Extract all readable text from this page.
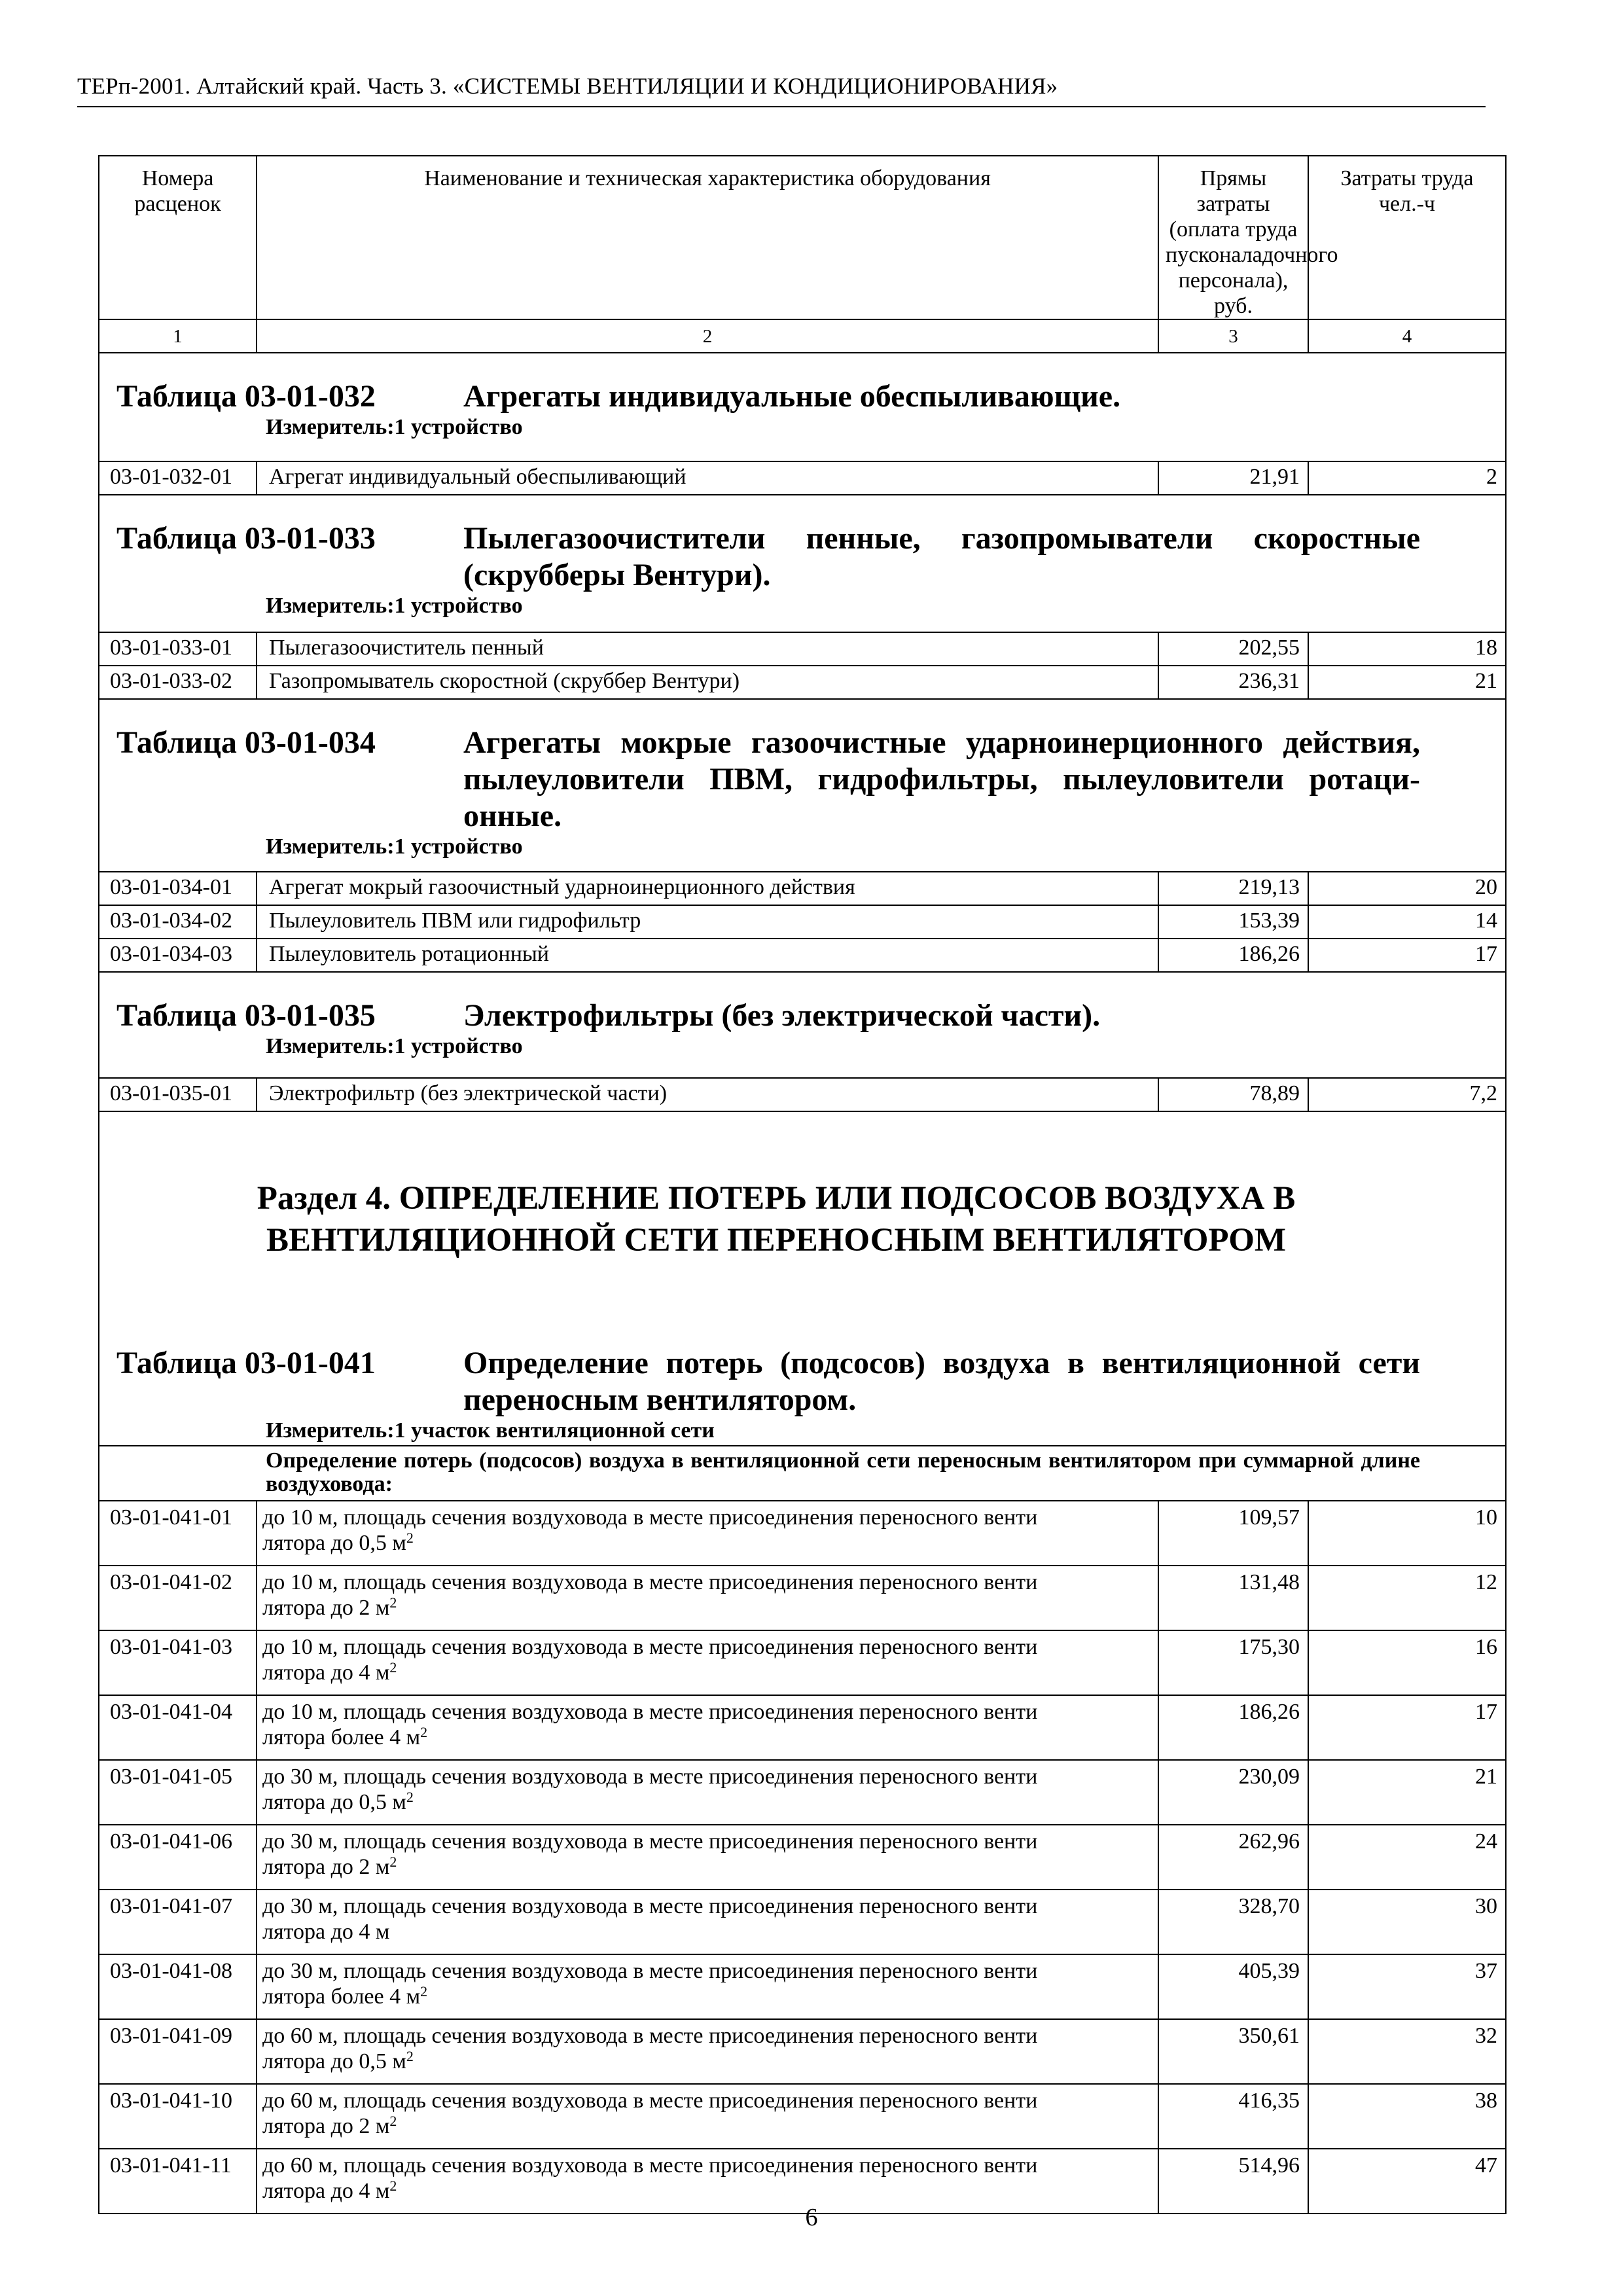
ТЕРп-2001. Алтайский край. Часть 3. «СИСТЕМЫ ВЕНТИЛЯЦИИ И КОНДИЦИОНИРОВАНИЯ»
Номера расценок	Наименование и техническая характеристика оборудования	Прямы затраты (оплата труда пусконаладочного персонала), руб.	Затраты труда чел.-ч
1	2	3	4

Таблица 03-01-032 Агрегаты индивидуальные обеспыливающие.
Измеритель:1 устройство			

03-01-032-01	Агрегат индивидуальный обеспыливающий	21,91	2

Таблица 03-01-033 Пылегазоочистители пенные, газопромыватели скоростные (скрубберы Вентури).
Измеритель:1 устройство			

03-01-033-01	Пылегазоочиститель пенный	202,55	18
03-01-033-02	Газопромыватель скоростной (скруббер Вентури)	236,31	21

Таблица 03-01-034 Агрегаты мокрые газоочистные ударноинерционного действия, пылеуловители ПВМ, гидрофильтры, пылеуловители ротационные.
Измеритель:1 устройство			

03-01-034-01	Агрегат мокрый газоочистный ударноинерционного действия	219,13	20
03-01-034-02	Пылеуловитель ПВМ или гидрофильтр	153,39	14
03-01-034-03	Пылеуловитель ротационный	186,26	17

Таблица 03-01-035 Электрофильтры (без электрической части).
Измеритель:1 устройство			

03-01-035-01	Электрофильтр (без электрической части)	78,89	7,2

Раздел 4. ОПРЕДЕЛЕНИЕ ПОТЕРЬ ИЛИ ПОДСОСОВ ВОЗДУХА В
ВЕНТИЛЯЦИОННОЙ СЕТИ ПЕРЕНОСНЫМ ВЕНТИЛЯТОРОМ
Таблица 03-01-041 Определение потерь (подсосов) воздуха в вентиляционной сети переносным вентилятором.
Измеритель:1 участок вентиляционной сети			

Определение потерь (подсосов) воздуха в вентиляционной сети переносным вентилятором при суммарной длине воздуховода:			

03-01-041-01	до 10 м, площадь сечения воздуховода в месте присоединения переносного венти
лятора до 0,5 $м^2$	109,57	10
03-01-041-02	до 10 м, площадь сечения воздуховода в месте присоединения переносного венти
лятора до 2 $м^2$	131,48	12
03-01-041-03	до 10 м, площадь сечения воздуховода в месте присоединения переносного венти
лятора до 4 $м^2$	175,30	16
03-01-041-04	до 10 м, площадь сечения воздуховода в месте присоединения переносного венти
лятора более 4 $м^2$	186,26	17
03-01-041-05	до 30 м, площадь сечения воздуховода в месте присоединения переносного венти
лятора до 0,5 $м^2$	230,09	21
03-01-041-06	до 30 м, площадь сечения воздуховода в месте присоединения переносного венти
лятора до 2 $м^2$	262,96	24
03-01-041-07	до 30 м, площадь сечения воздуховода в месте присоединения переносного венти
лятора до 4 м	328,70	30
03-01-041-08	до 30 м, площадь сечения воздуховода в месте присоединения переносного венти
лятора более 4 $м^2$	405,39	37
03-01-041-09	до 60 м, площадь сечения воздуховода в месте присоединения переносного венти
лятора до 0,5 $м^2$	350,61	32
03-01-041-10	до 60 м, площадь сечения воздуховода в месте присоединения переносного венти
лятора до 2 $м^2$	416,35	38
03-01-041-11	до 60 м, площадь сечения воздуховода в месте присоединения переносного венти
лятора до 4 $м^2$	514,96	47
6
